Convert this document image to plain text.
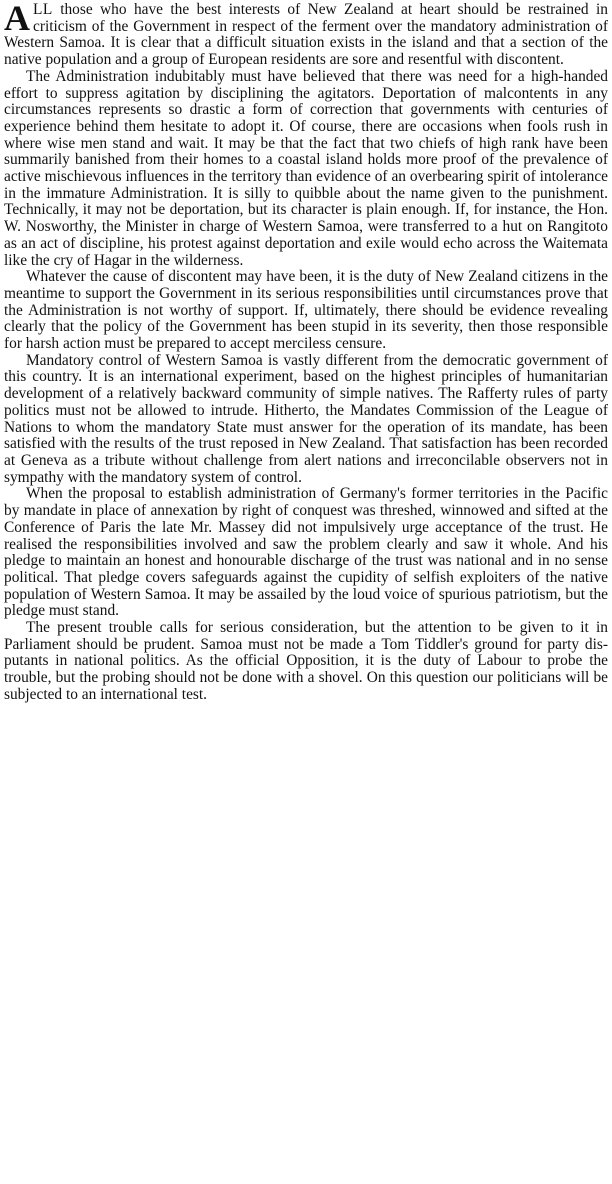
ALL those who have the best interests of New Zealand at heart should be restrained in criticism of the Government in respect of the ferment over the mandatory administration of Western Samoa. It is clear that a difficult situation exists in the island and that a section of the native population and a group of European residents are sore and resentful with discontent.

The Administration indubitably must have believed that there was need for a high-handed effort to suppress agitation by disciplining the agitators. Deportation of malcontents in any circumstances represents so drastic a form of correction that governments with centuries of experience behind them hesitate to adopt it. Of course, there are occasions when fools rush in where wise men stand and wait. It may be that the fact that two chiefs of high rank have been summarily banished from their homes to a coastal island holds more proof of the prevalence of active mischievous influences in the territory than evidence of an overbearing spirit of intolerance in the immature Administration. It is silly to quibble about the name given to the punishment. Technically, it may not be deportation, but its character is plain enough. If, for instance, the Hon. W. Nosworthy, the Minister in charge of Western Samoa, were transferred to a hut on Rangitoto as an act of discipline, his protest against deportation and exile would echo across the Waitemata like the cry of Hagar in the wilderness.

Whatever the cause of discontent may have been, it is the duty of New Zealand citizens in the meantime to support the Government in its serious responsibilities until circumstances prove that the Administration is not worthy of support. If, ultimately, there should be evidence revealing clearly that the policy of the Government has been stupid in its severity, then those responsible for harsh action must be prepared to accept merciless censure.

Mandatory control of Western Samoa is vastly different from the democratic government of this country. It is an international experiment, based on the highest principles of humanitarian development of a relatively backward community of simple natives. The Rafferty rules of party politics must not be allowed to intrude. Hitherto, the Mandates Commission of the League of Nations to whom the mandatory State must answer for the operation of its mandate, has been satisfied with the results of the trust reposed in New Zealand. That satisfaction has been recorded at Geneva as a tribute without challenge from alert nations and irreconcilable observers not in sympathy with the mandatory system of control.

When the proposal to establish administration of Germany's former territories in the Pacific by mandate in place of annexation by right of conquest was threshed, winnowed and sifted at the Conference of Paris the late Mr. Massey did not impulsively urge acceptance of the trust. He realised the responsibilities involved and saw the problem clearly and saw it whole. And his pledge to maintain an honest and honourable discharge of the trust was national and in no sense political. That pledge covers safeguards against the cupidity of selfish exploiters of the native population of Western Samoa. It may be assailed by the loud voice of spurious patriotism, but the pledge must stand.

The present trouble calls for serious consideration, but the attention to be given to it in Parliament should be prudent. Samoa must not be made a Tom Tiddler's ground for party disputants in national politics. As the official Opposition, it is the duty of Labour to probe the trouble, but the probing should not be done with a shovel. On this question our politicians will be subjected to an international test.
